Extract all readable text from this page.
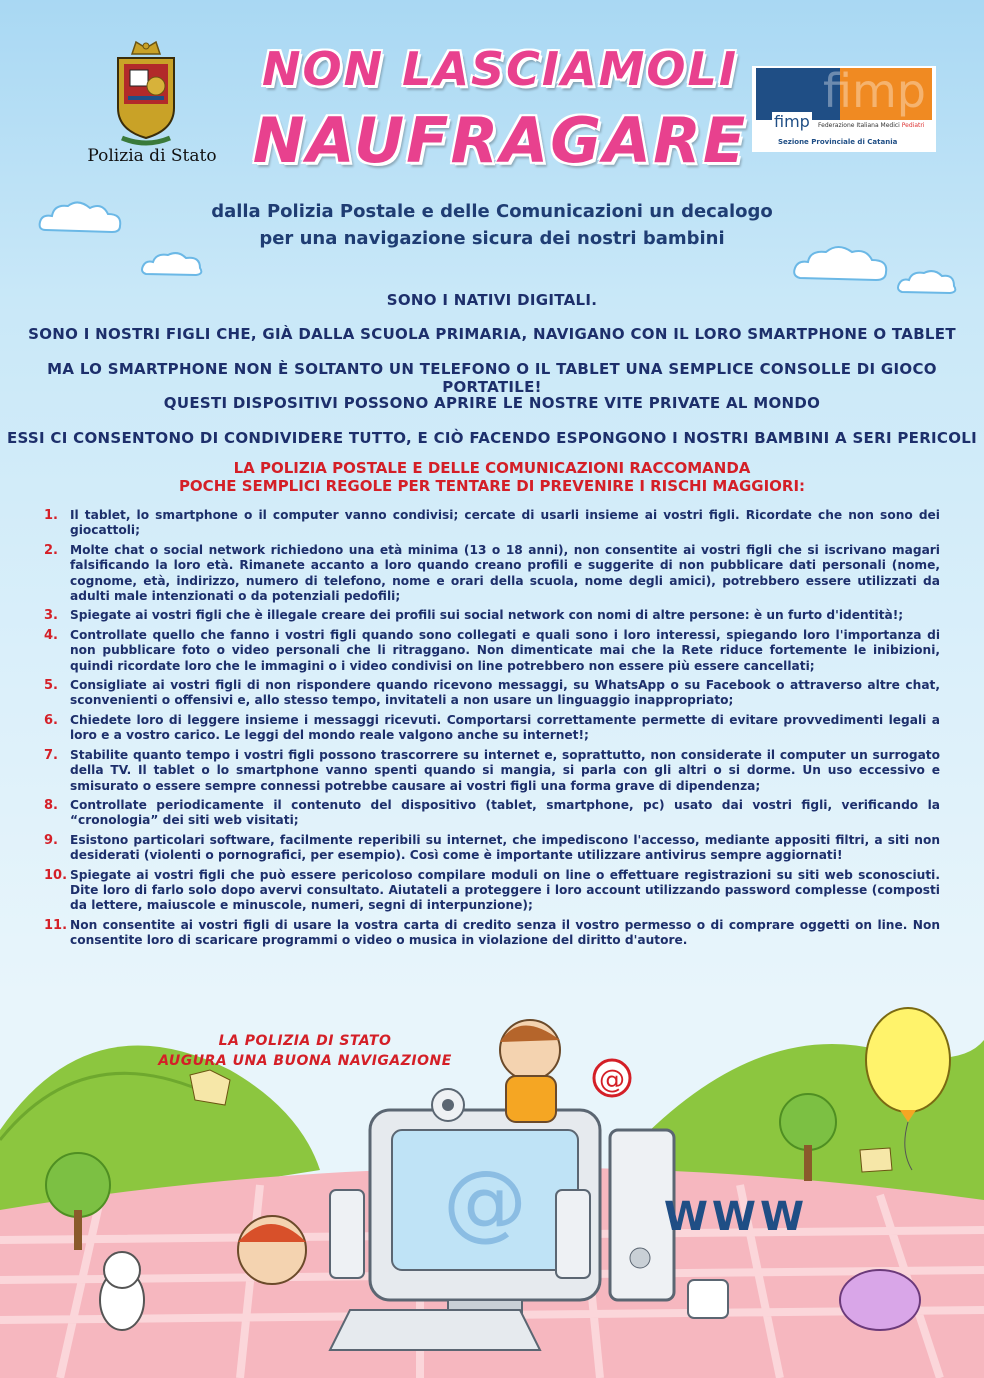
Polizia di Stato
NON LASCIAMOLI
NAUFRAGARE
fimp
fimp	Federazione Italiana Medici Pediatri
Sezione Provinciale di Catania
dalla Polizia Postale e delle Comunicazioni un decalogo
per una navigazione sicura dei nostri bambini
SONO I NATIVI DIGITALI.
SONO I NOSTRI FIGLI CHE, GIÀ DALLA SCUOLA PRIMARIA, NAVIGANO CON IL LORO SMARTPHONE O TABLET
MA LO SMARTPHONE NON È SOLTANTO UN TELEFONO O IL TABLET UNA SEMPLICE CONSOLLE DI GIOCO PORTATILE!
QUESTI DISPOSITIVI POSSONO APRIRE LE NOSTRE VITE PRIVATE AL MONDO
ESSI CI CONSENTONO DI CONDIVIDERE TUTTO, E CIÒ FACENDO ESPONGONO I NOSTRI BAMBINI A SERI PERICOLI
LA POLIZIA POSTALE E DELLE COMUNICAZIONI RACCOMANDA
POCHE SEMPLICI REGOLE PER TENTARE DI PREVENIRE I RISCHI MAGGIORI:
@
@
WWW
1. Il tablet, lo smartphone o il computer vanno condivisi; cercate di usarli insieme ai vostri figli. Ricordate che non sono dei giocattoli;
2. Molte chat o social network richiedono una età minima (13 o 18 anni), non consentite ai vostri figli che si iscrivano magari falsificando la loro età. Rimanete accanto a loro quando creano profili e suggerite di non pubblicare dati personali (nome, cognome, età, indirizzo, numero di telefono, nome e orari della scuola, nome degli amici), potrebbero essere utilizzati da adulti male intenzionati o da potenziali pedofili;
3. Spiegate ai vostri figli che è illegale creare dei profili sui social network con nomi di altre persone: è un furto d'identità!;
4. Controllate quello che fanno i vostri figli quando sono collegati e quali sono i loro interessi, spiegando loro l'importanza di non pubblicare foto o video personali che li ritraggano. Non dimenticate mai che la Rete riduce fortemente le inibizioni, quindi ricordate loro che le immagini o i video condivisi on line potrebbero non essere più essere cancellati;
5. Consigliate ai vostri figli di non rispondere quando ricevono messaggi, su WhatsApp o su Facebook o attraverso altre chat, sconvenienti o offensivi e, allo stesso tempo, invitateli a non usare un linguaggio inappropriato;
6. Chiedete loro di leggere insieme i messaggi ricevuti. Comportarsi correttamente permette di evitare provvedimenti legali a loro e a vostro carico. Le leggi del mondo reale valgono anche su internet!;
7. Stabilite quanto tempo i vostri figli possono trascorrere su internet e, soprattutto, non considerate il computer un surrogato della TV. Il tablet o lo smartphone vanno spenti quando si mangia, si parla con gli altri o si dorme. Un uso eccessivo e smisurato o essere sempre connessi potrebbe causare ai vostri figli una forma grave di dipendenza;
8. Controllate periodicamente il contenuto del dispositivo (tablet, smartphone, pc) usato dai vostri figli, verificando la “cronologia” dei siti web visitati;
9. Esistono particolari software, facilmente reperibili su internet, che impediscono l'accesso, mediante appositi filtri, a siti non desiderati (violenti o pornografici, per esempio). Così come è importante utilizzare antivirus sempre aggiornati!
10. Spiegate ai vostri figli che può essere pericoloso compilare moduli on line o effettuare registrazioni su siti web sconosciuti. Dite loro di farlo solo dopo avervi consultato. Aiutateli a proteggere i loro account utilizzando password complesse (composti da lettere, maiuscole e minuscole, numeri, segni di interpunzione);
11. Non consentite ai vostri figli di usare la vostra carta di credito senza il vostro permesso o di comprare oggetti on line. Non consentite loro di scaricare programmi o video o musica in violazione del diritto d'autore.
LA POLIZIA DI STATO
AUGURA UNA BUONA NAVIGAZIONE
